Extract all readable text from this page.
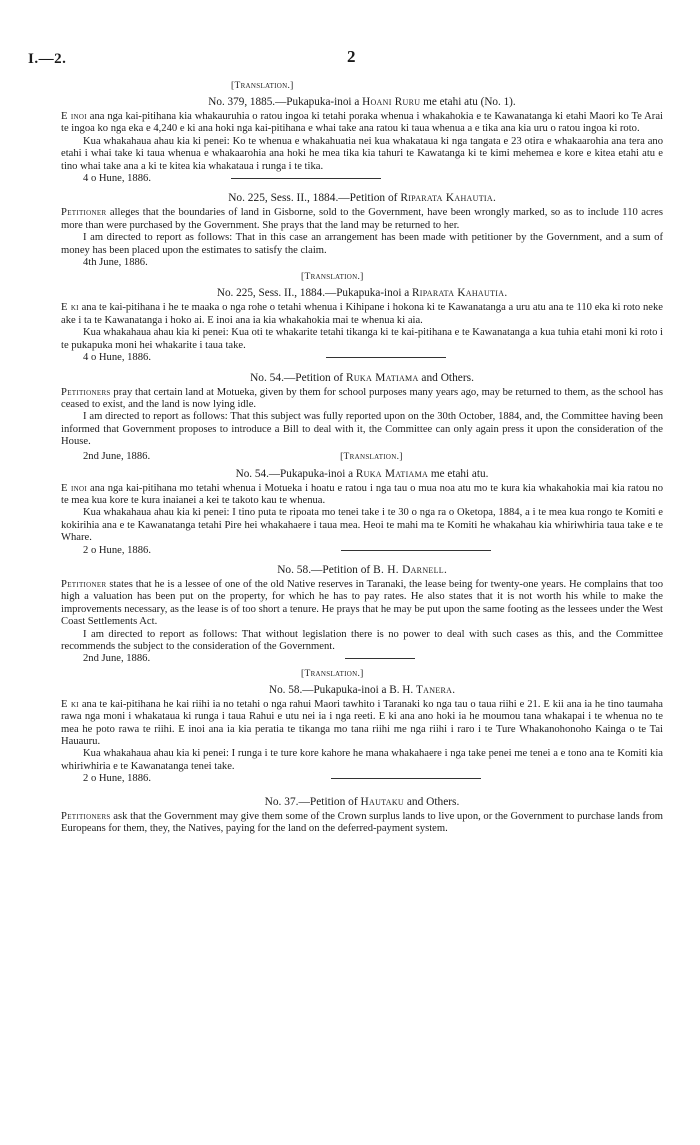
I.—2.	2
[Translation.]
No. 379, 1885.—Pukapuka-inoi a Hoani Ruru me etahi atu (No. 1).

E inoi ana nga kai-pitihana kia whakauruhia o ratou ingoa ki tetahi poraka whenua i whakahokia e te Kawanatanga ki etahi Maori ko Te Arai te ingoa ko nga eka e 4,240 e ki ana hoki nga kai-pitihana e whai take ana ratou ki taua whenua a e tika ana kia uru o ratou ingoa ki roto.

Kua whakahaua ahau kia ki penei: Ko te whenua e whakahuatia nei kua whakataua ki nga tangata e 23 otira e whakaarohia ana tera ano etahi i whai take ki taua whenua e whakaarohia ana hoki he mea tika kia tahuri te Kawatanga ki te kimi mehemea e kore e kitea etahi atu e tino whai take ana a ki te kitea kia whakataua i runga i te tika.

4 o Hune, 1886.
No. 225, Sess. II., 1884.—Petition of Riparata Kahautia.

Petitioner alleges that the boundaries of land in Gisborne, sold to the Government, have been wrongly marked, so as to include 110 acres more than were purchased by the Government. She prays that the land may be returned to her.

I am directed to report as follows: That in this case an arrangement has been made with petitioner by the Government, and a sum of money has been placed upon the estimates to satisfy the claim.

4th June, 1886.
[Translation.]
No. 225, Sess. II., 1884.—Pukapuka-inoi a Riparata Kahautia.

E ki ana te kai-pitihana i he te maaka o nga rohe o tetahi whenua i Kihipane i hokona ki te Kawanatanga a uru atu ana te 110 eka ki roto neke ake i ta te Kawanatanga i hoko ai. E inoi ana ia kia whakahokia mai te whenua ki aia.

Kua whakahaua ahau kia ki penei: Kua oti te whakarite tetahi tikanga ki te kai-pitihana e te Kawanatanga a kua tuhia etahi moni ki roto i te pukapuka moni hei whakarite i taua take.

4 o Hune, 1886.
No. 54.—Petition of Ruka Matiama and Others.

Petitioners pray that certain land at Motueka, given by them for school purposes many years ago, may be returned to them, as the school has ceased to exist, and the land is now lying idle.

I am directed to report as follows: That this subject was fully reported upon on the 30th October, 1884, and, the Committee having been informed that Government proposes to introduce a Bill to deal with it, the Committee can only again press it upon the consideration of the House.

2nd June, 1886.	[Translation.]
No. 54.—Pukapuka-inoi a Ruka Matiama me etahi atu.

E inoi ana nga kai-pitihana mo tetahi whenua i Motueka i hoatu e ratou i nga tau o mua noa atu mo te kura kia whakahokia mai kia ratou no te mea kua kore te kura inaianei a kei te takoto kau te whenua.

Kua whakahaua ahau kia ki penei: I tino puta te ripoata mo tenei take i te 30 o nga ra o Oketopa, 1884, a i te mea kua rongo te Komiti e kokirihia ana e te Kawanatanga tetahi Pire hei whakahaere i taua mea. Heoi te mahi ma te Komiti he whakahau kia whiriwhiria taua take e te Whare.

2 o Hune, 1886.
No. 58.—Petition of B. H. Darnell.

Petitioner states that he is a lessee of one of the old Native reserves in Taranaki, the lease being for twenty-one years. He complains that too high a valuation has been put on the property, for which he has to pay rates. He also states that it is not worth his while to make the improvements necessary, as the lease is of too short a tenure. He prays that he may be put upon the same footing as the lessees under the West Coast Settlements Act.

I am directed to report as follows: That without legislation there is no power to deal with such cases as this, and the Committee recommends the subject to the consideration of the Government.

2nd June, 1886.
[Translation.]
No. 58.—Pukapuka-inoi a B. H. Tanera.

E ki ana te kai-pitihana he kai riihi ia no tetahi o nga rahui Maori tawhito i Taranaki ko nga tau o taua riihi e 21. E kii ana ia he tino taumaha rawa nga moni i whakataua ki runga i taua Rahui e utu nei ia i nga reeti. E ki ana ano hoki ia he moumou tana whakapai i te whenua no te mea he poto rawa te riihi. E inoi ana ia kia peratia te tikanga mo tana riihi me nga riihi i raro i te Ture Whakanohonoho Kainga o te Tai Hauauru.

Kua whakahaua ahau kia ki penei: I runga i te ture kore kahore he mana whakahaere i nga take penei me tenei a e tono ana te Komiti kia whiriwhiria e te Kawanatanga tenei take.

2 o Hune, 1886.
No. 37.—Petition of Hautaku and Others.

Petitioners ask that the Government may give them some of the Crown surplus lands to live upon, or the Government to purchase lands from Europeans for them, they, the Natives, paying for the land on the deferred-payment system.
